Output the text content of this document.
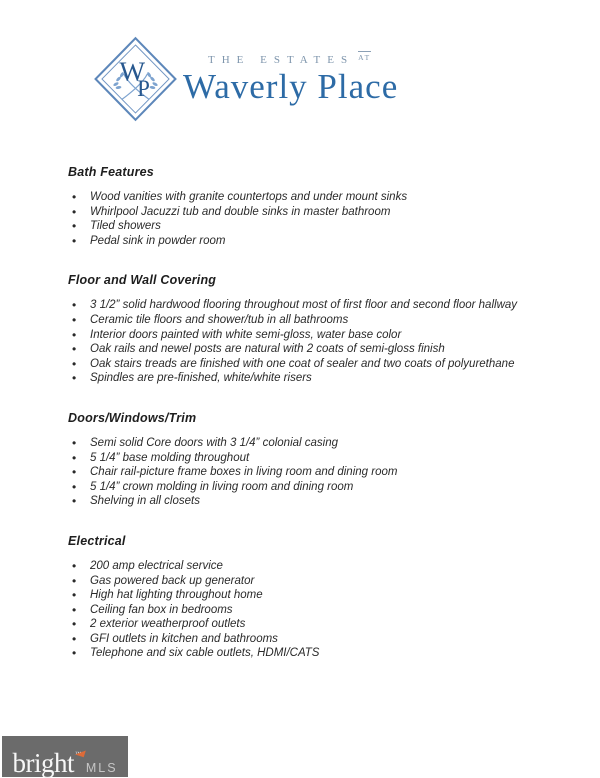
W
P
THE ESTATES AT
Waverly Place
Bath Features
• Wood vanities with granite countertops and under mount sinks
• Whirlpool Jacuzzi tub and double sinks in master bathroom
• Tiled showers
• Pedal sink in powder room
Floor and Wall Covering
• 3 1/2” solid hardwood flooring throughout most of first floor and second floor hallway
• Ceramic tile floors and shower/tub in all bathrooms
• Interior doors painted with white semi-gloss, water base color
• Oak rails and newel posts are natural with 2 coats of semi-gloss finish
• Oak stairs treads are finished with one coat of sealer and two coats of polyurethane
• Spindles are pre-finished, white/white risers
Doors/Windows/Trim
• Semi solid Core doors with 3 1/4” colonial casing
• 5 1/4” base molding throughout
• Chair rail-picture frame boxes in living room and dining room
• 5 1/4” crown molding in living room and dining room
• Shelving in all closets
Electrical
• 200 amp electrical service
• Gas powered back up generator
• High hat lighting throughout home
• Ceiling fan box in bedrooms
• 2 exterior weatherproof outlets
• GFI outlets in kitchen and bathrooms
• Telephone and six cable outlets, HDMI/CATS
bright™
MLS
